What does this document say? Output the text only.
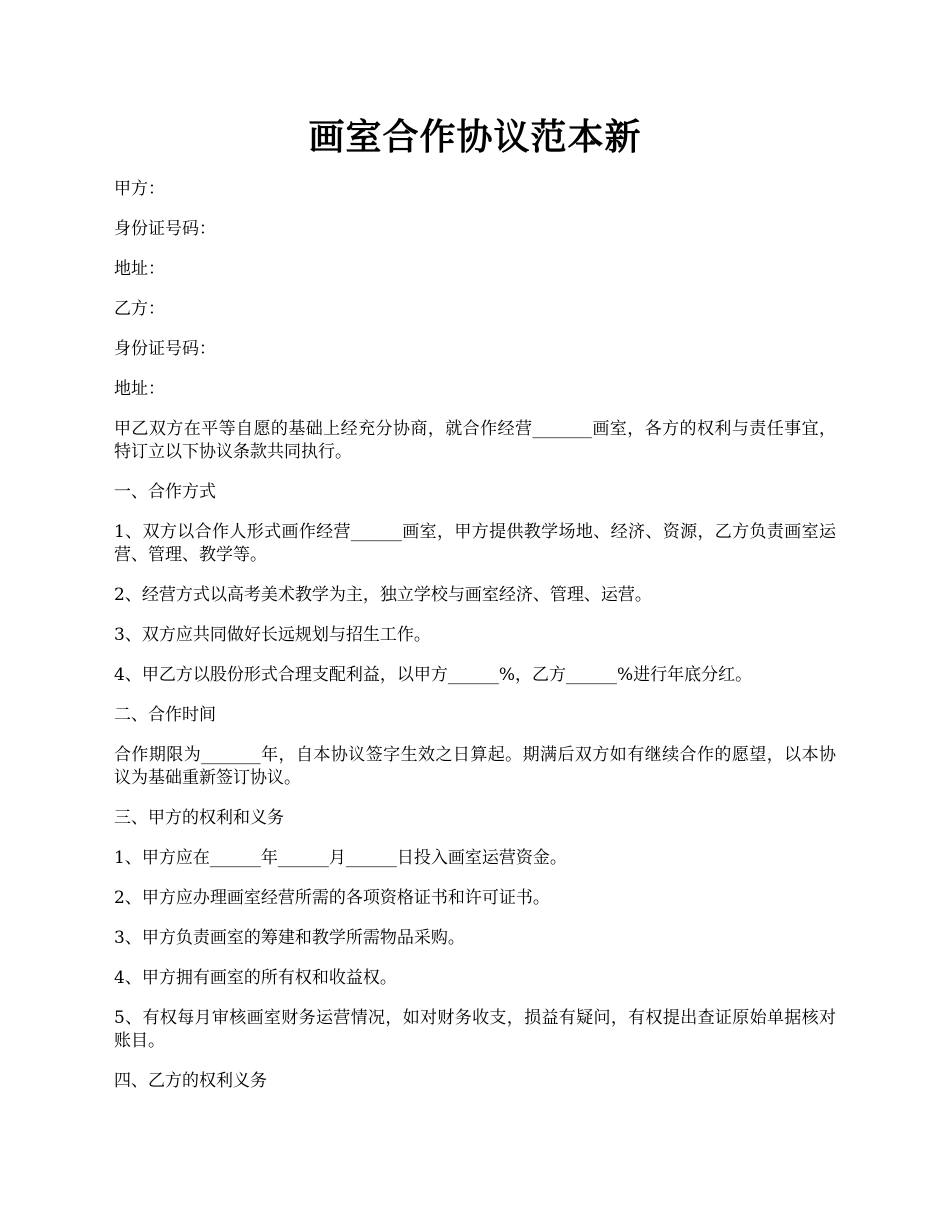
画室合作协议范本新

甲方：

身份证号码：

地址：

乙方：

身份证号码：

地址：

甲乙双方在平等自愿的基础上经充分协商，就合作经营_______画室，各方的权利与责任事宜，特订立以下协议条款共同执行。

一、合作方式

1、双方以合作人形式画作经营______画室，甲方提供教学场地、经济、资源，乙方负责画室运营、管理、教学等。

2、经营方式以高考美术教学为主，独立学校与画室经济、管理、运营。

3、双方应共同做好长远规划与招生工作。

4、甲乙方以股份形式合理支配利益，以甲方______%，乙方______%进行年底分红。

二、合作时间

合作期限为_______年，自本协议签字生效之日算起。期满后双方如有继续合作的愿望，以本协议为基础重新签订协议。

三、甲方的权利和义务

1、甲方应在______年______月______日投入画室运营资金。

2、甲方应办理画室经营所需的各项资格证书和许可证书。

3、甲方负责画室的筹建和教学所需物品采购。

4、甲方拥有画室的所有权和收益权。

5、有权每月审核画室财务运营情况，如对财务收支，损益有疑问，有权提出查证原始单据核对账目。

四、乙方的权利义务
